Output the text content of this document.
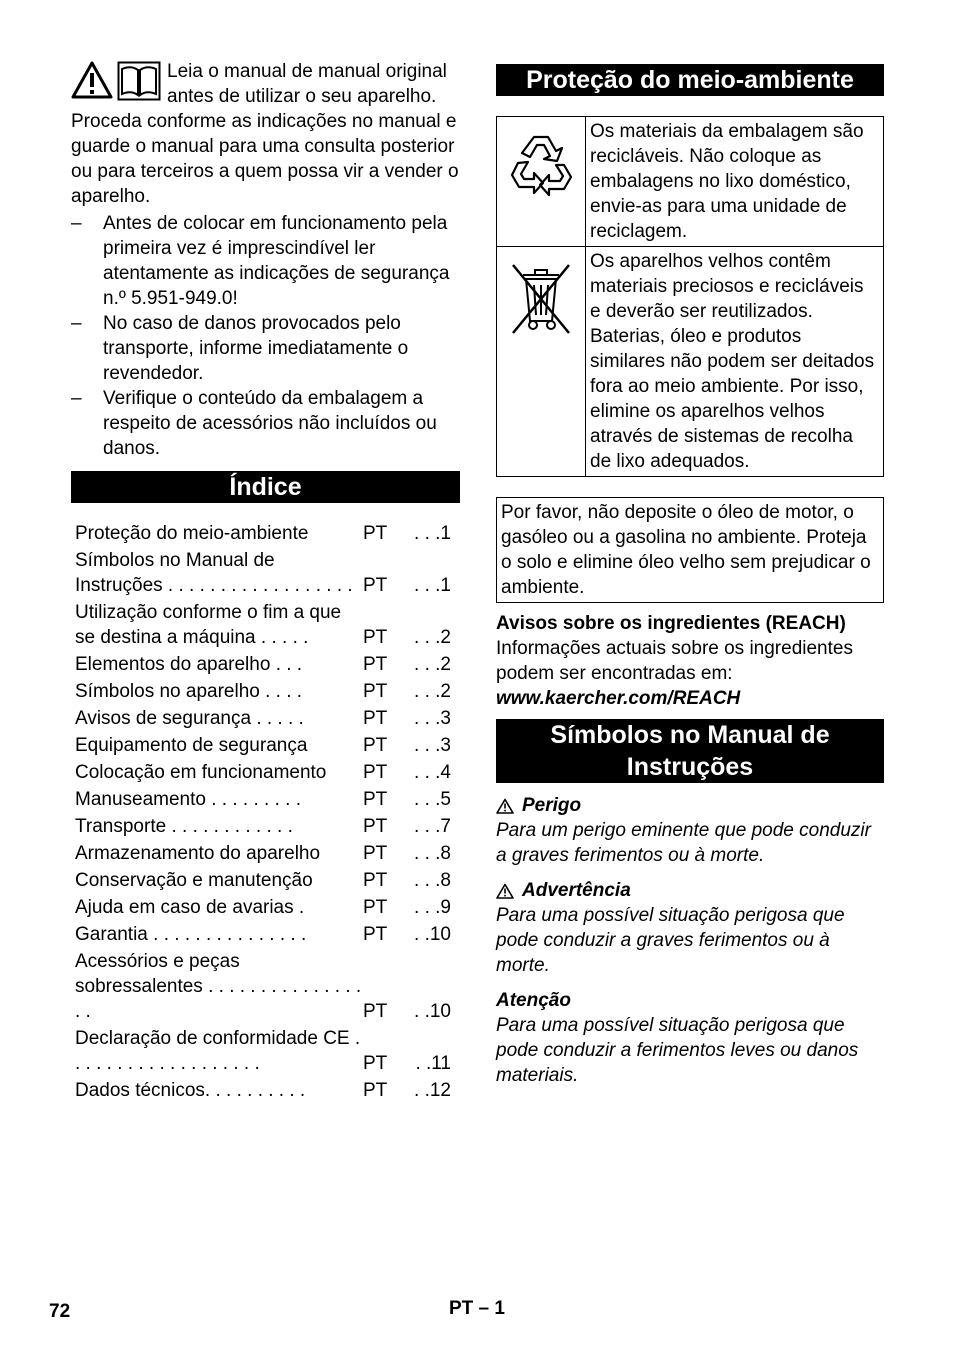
Leia o manual de manual original antes de utilizar o seu aparelho. Proceda conforme as indicações no manual e guarde o manual para uma consulta posterior ou para terceiros a quem possa vir a vender o aparelho.

– Antes de colocar em funcionamento pela primeira vez é imprescindível ler atentamente as indicações de segurança n.º 5.951-949.0!
– No caso de danos provocados pelo transporte, informe imediatamente o revendedor.
– Verifique o conteúdo da embalagem a respeito de acessórios não incluídos ou danos.
Índice
Proteção do meio-ambiente	PT	. . .1
Símbolos no Manual de Instruções . . . . . . . . . . . . . . . . . . PT	. . .1
Utilização conforme o fim a que se destina a máquina . . . . .	PT	. . .2
Elementos do aparelho . . .	PT	. . .2
Símbolos no aparelho . . . .	PT	. . .2
Avisos de segurança . . . . .	PT	. . .3
Equipamento de segurança	PT	. . .3
Colocação em funcionamento	PT	. . .4
Manuseamento . . . . . . . . .	PT	. . .5
Transporte . . . . . . . . . . . .	PT	. . .7
Armazenamento do aparelho	PT	. . .8
Conservação e manutenção	PT	. . .8
Ajuda em caso de avarias .	PT	. . .9
Garantia . . . . . . . . . . . . . . .	PT	. .10
Acessórios e peças sobressalentes . . . . . . . . . . . . . . . . .	PT	. .10
Declaração de conformidade CE . . . . . . . . . . . . . . . . . . .	PT	. .11
Dados técnicos. . . . . . . . . .	PT	. .12
Proteção do meio-ambiente
	Os materiais da embalagem são recicláveis. Não coloque as embalagens no lixo doméstico, envie-as para uma unidade de reciclagem.
	Os aparelhos velhos contêm materiais preciosos e recicláveis e deverão ser reutilizados. Baterias, óleo e produtos similares não podem ser deitados fora ao meio ambiente. Por isso, elimine os aparelhos velhos através de sistemas de recolha de lixo adequados.
Por favor, não deposite o óleo de motor, o gasóleo ou a gasolina no ambiente. Proteja o solo e elimine óleo velho sem prejudicar o ambiente.

Avisos sobre os ingredientes (REACH)

Informações actuais sobre os ingredientes podem ser encontradas em:

www.kaercher.com/REACH

Símbolos no Manual de Instruções
Perigo

Para um perigo eminente que pode conduzir a graves ferimentos ou à morte.

Advertência

Para uma possível situação perigosa que pode conduzir a graves ferimentos ou à morte.

Atenção

Para uma possível situação perigosa que pode conduzir a ferimentos leves ou danos materiais.

72	PT – 1
